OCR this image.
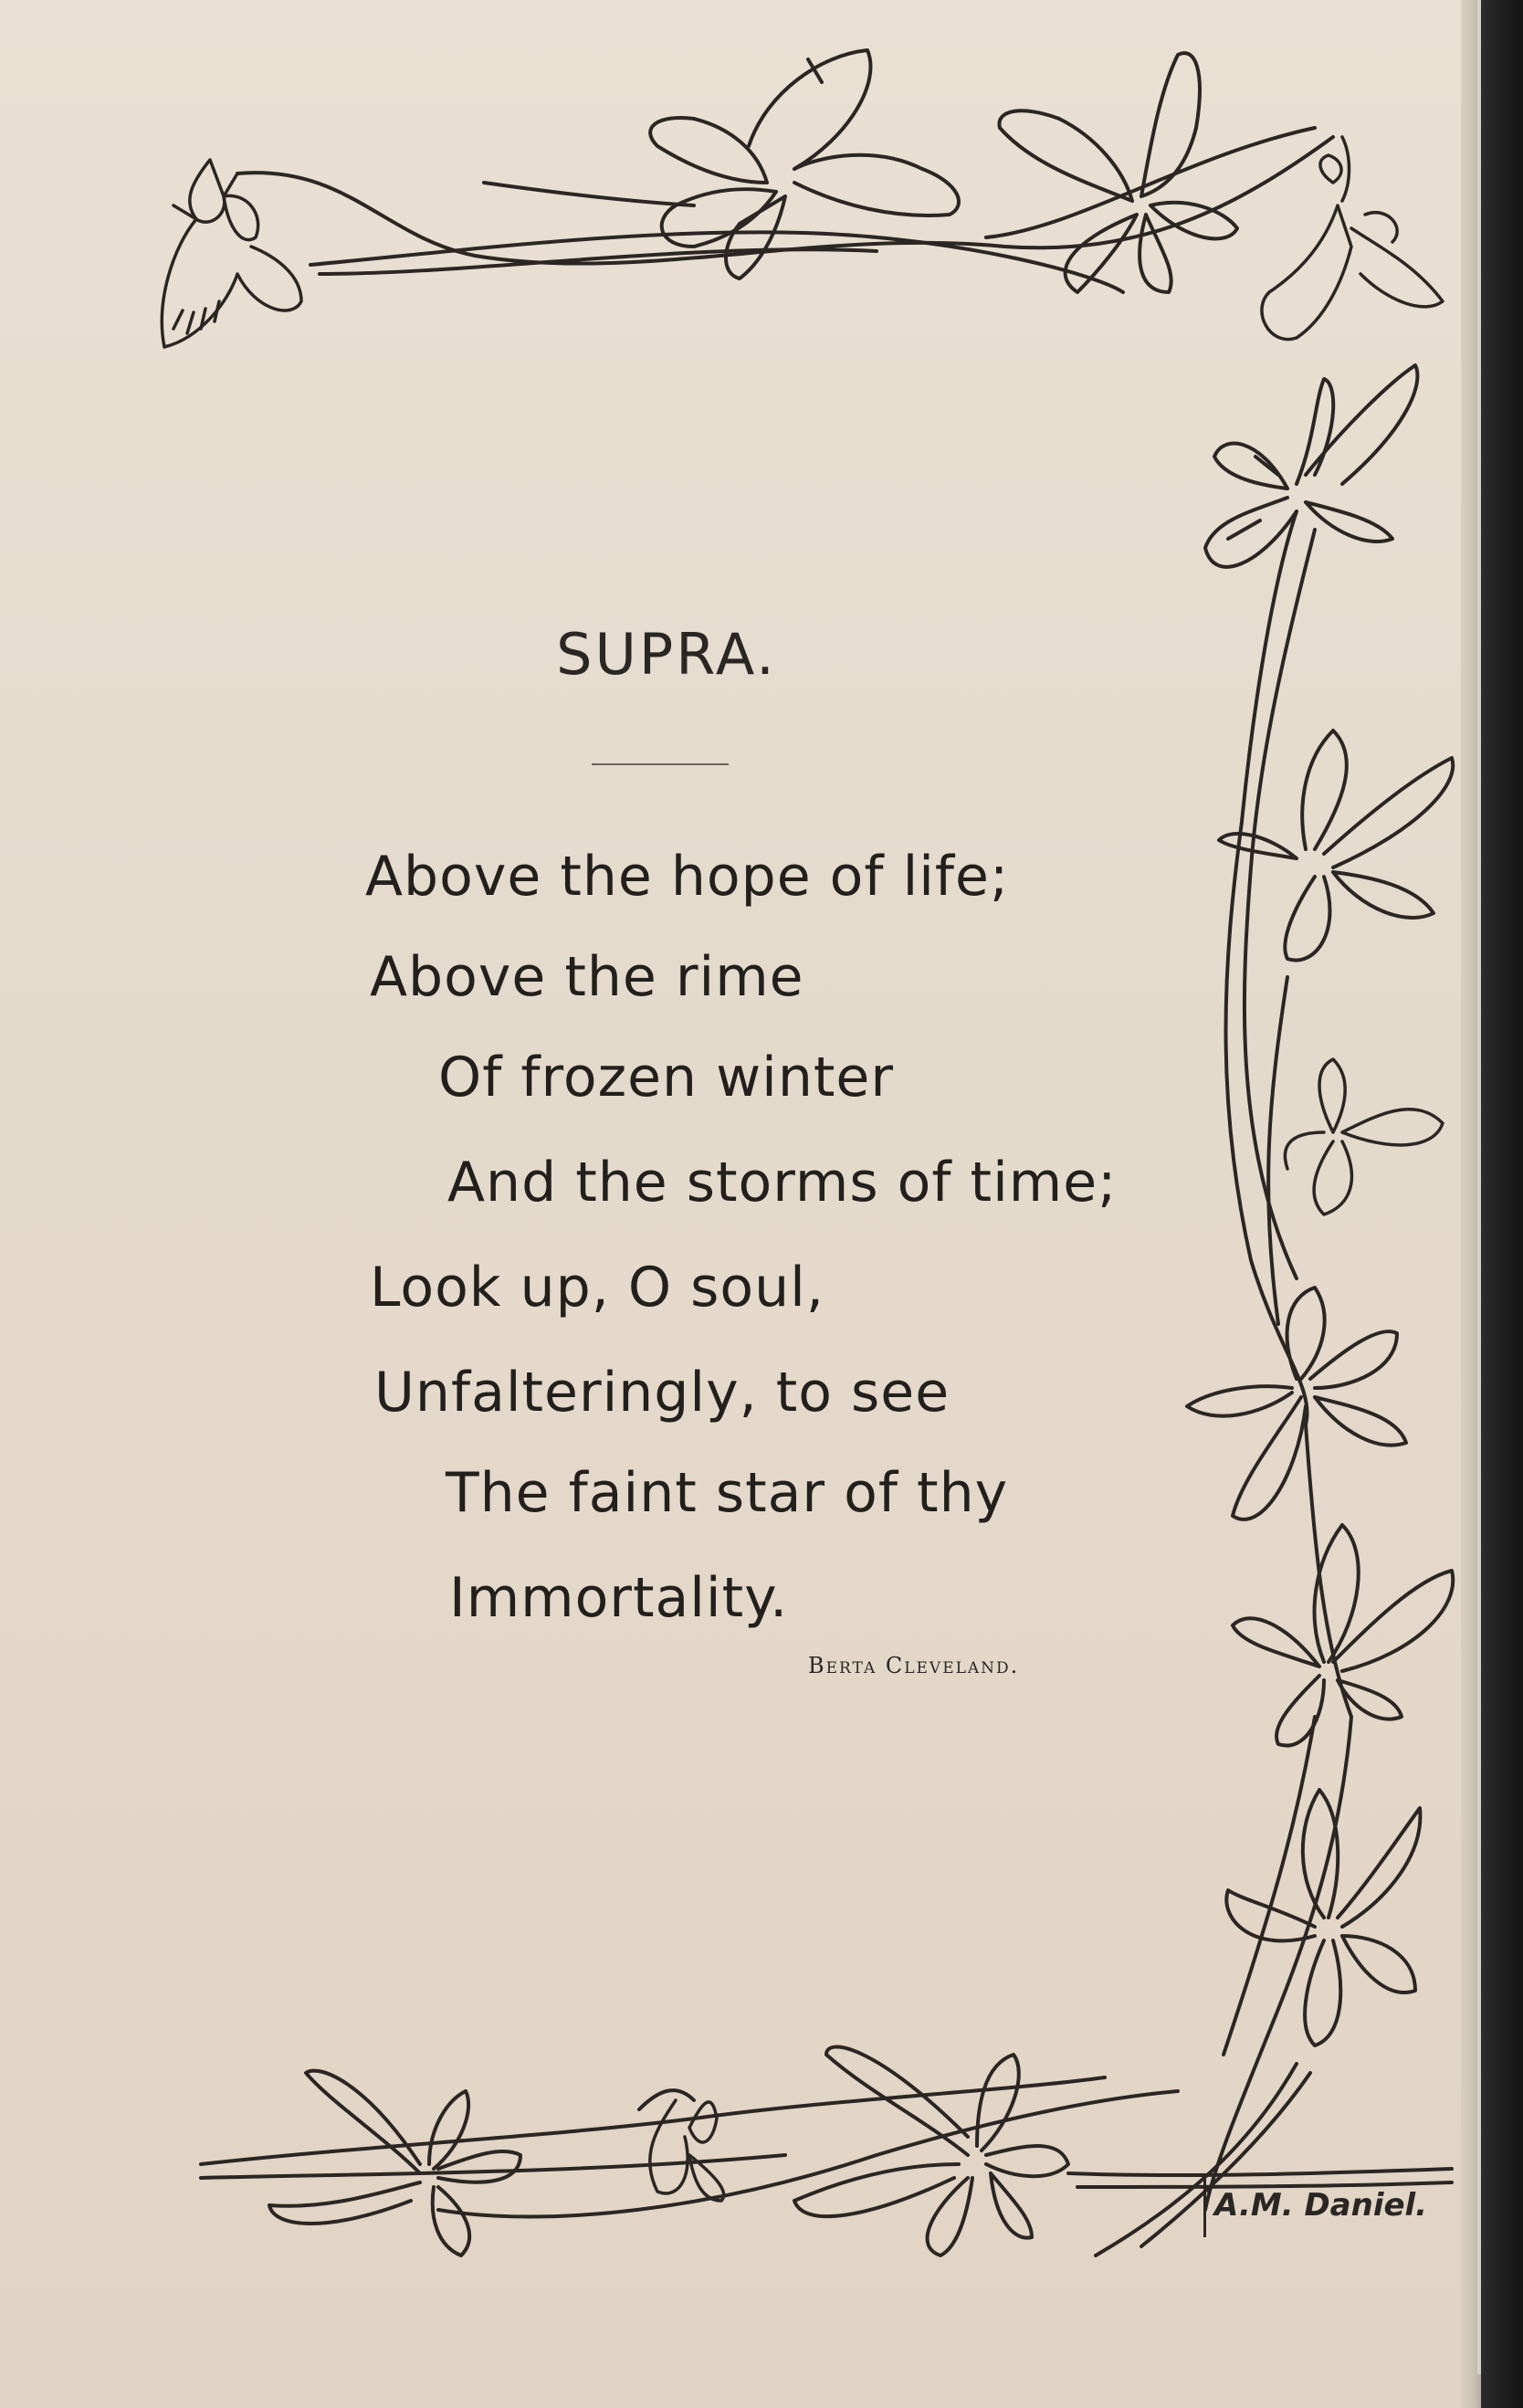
SUPRA.
Above the hope of life;
Above the rime
Of frozen winter
And the storms of time;
Look up, O soul,
Unfalteringly, to see
The faint star of thy
Immortality.
Berta Cleveland.
A.M. Daniel.
